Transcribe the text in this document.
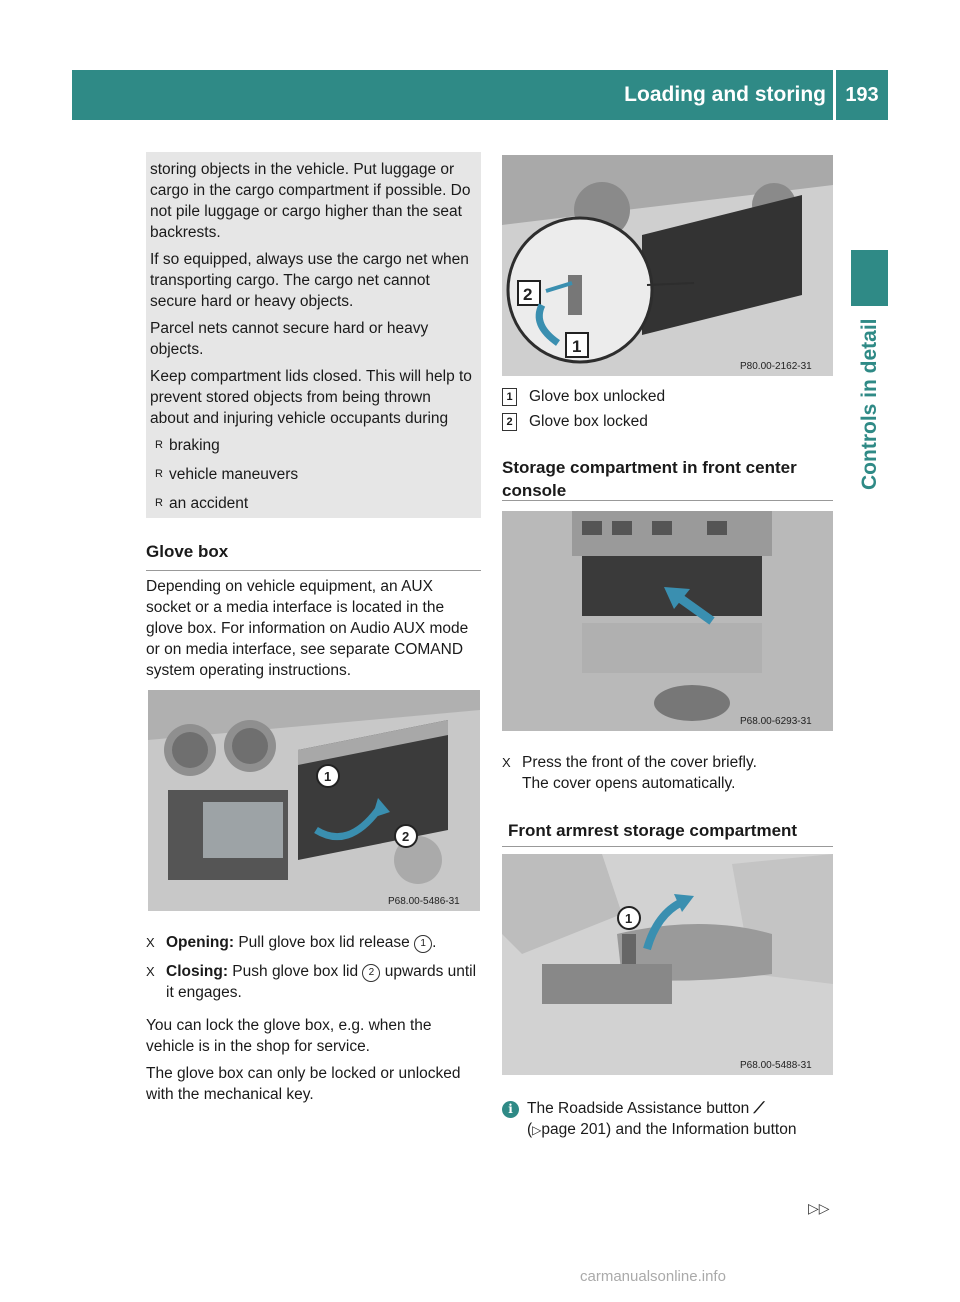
Loading and storing 193
Controls in detail

storing objects in the vehicle. Put luggage or cargo in the cargo compartment if possible. Do not pile luggage or cargo higher than the seat backrests.

If so equipped, always use the cargo net when transporting cargo. The cargo net cannot secure hard or heavy objects.

Parcel nets cannot secure hard or heavy objects.

Keep compartment lids closed. This will help to prevent stored objects from being thrown about and injuring vehicle occupants during

R braking
R vehicle maneuvers
R an accident
Glove box

Depending on vehicle equipment, an AUX socket or a media interface is located in the glove box. For information on Audio AUX mode or on media interface, see separate COMAND system operating instructions.

1
2
P68.00-5486-31
X Opening: Pull glove box lid release 1 .
X Closing: Push glove box lid 2 upwards until it engages.

You can lock the glove box, e.g. when the vehicle is in the shop for service.

The glove box can only be locked or unlocked with the mechanical key.

2
1
P80.00-2162-31
1 Glove box unlocked
2 Glove box locked
Storage compartment in front center console
P68.00-6293-31
X Press the front of the cover briefly.
The cover opens automatically.
Front armrest storage compartment
1
P68.00-5488-31
i The Roadside Assistance button ⟋
(▷page 201) and the Information button
▷▷
carmanualsonline.info
